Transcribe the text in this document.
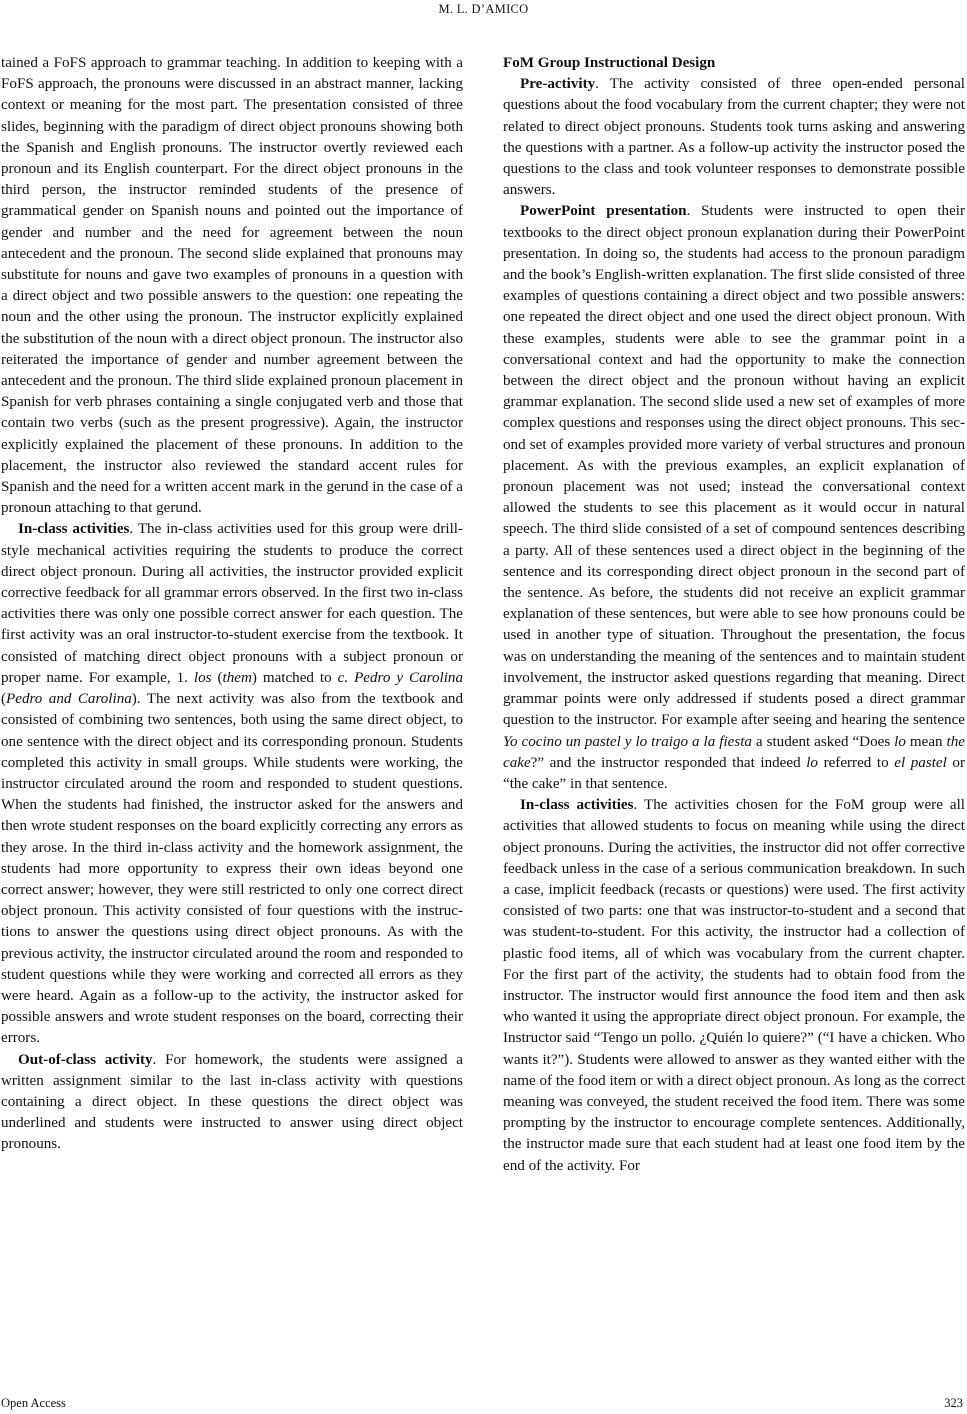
M. L. D’AMICO

tained a FoFS approach to grammar teaching. In addition to keeping with a FoFS approach, the pronouns were discussed in an abstract manner, lacking context or meaning for the most part. The presentation consisted of three slides, beginning with the paradigm of direct object pronouns showing both the Spanish and English pronouns. The instructor overtly reviewed each pronoun and its English counterpart. For the direct object pronouns in the third person, the instructor reminded students of the presence of grammatical gender on Spanish nouns and pointed out the importance of gender and number and the need for agreement between the noun antecedent and the pronoun. The second slide explained that pronouns may substitute for nouns and gave two examples of pronouns in a question with a direct object and two possible answers to the question: one repeating the noun and the other using the pronoun. The instructor explicitly explained the substitution of the noun with a direct object pronoun. The instructor also reiterated the importance of gender and number agreement between the antecedent and the pronoun. The third slide explained pronoun placement in Spanish for verb phrases containing a single conjugated verb and those that contain two verbs (such as the present progressive). Again, the instructor explicitly explained the placement of these pronouns. In addition to the placement, the instructor also reviewed the standard accent rules for Spanish and the need for a written accent mark in the gerund in the case of a pronoun attaching to that gerund.

In-class activities. The in-class activities used for this group were drill-style mechanical activities requiring the students to produce the correct direct object pronoun. During all activities, the instructor provided explicit corrective feedback for all grammar errors observed. In the first two in-class activities there was only one possible correct answer for each question. The first activity was an oral instructor-to-student exercise from the textbook. It consisted of matching direct object pronouns with a subject pronoun or proper name. For example, 1. los (them) matched to c. Pedro y Carolina (Pedro and Carolina). The next activity was also from the textbook and consisted of combining two sentences, both using the same direct object, to one sentence with the direct object and its corresponding pronoun. Students completed this activity in small groups. While students were working, the instructor circulated around the room and responded to student questions. When the students had finished, the instructor asked for the answers and then wrote student responses on the board explicitly correcting any errors as they arose. In the third in-class activity and the homework assignment, the students had more opportunity to express their own ideas beyond one correct answer; however, they were still restricted to only one correct direct object pronoun. This activity consisted of four questions with the instructions to answer the questions using direct object pronouns. As with the previous activity, the instructor circulated around the room and responded to student questions while they were working and corrected all errors as they were heard. Again as a follow-up to the activity, the instructor asked for possible answers and wrote student responses on the board, correcting their errors.

Out-of-class activity. For homework, the students were assigned a written assignment similar to the last in-class activity with questions containing a direct object. In these questions the direct object was underlined and students were instructed to answer using direct object pronouns.

FoM Group Instructional Design

Pre-activity. The activity consisted of three open-ended personal questions about the food vocabulary from the current chapter; they were not related to direct object pronouns. Students took turns asking and answering the questions with a partner. As a follow-up activity the instructor posed the questions to the class and took volunteer responses to demonstrate possible answers.

PowerPoint presentation. Students were instructed to open their textbooks to the direct object pronoun explanation during their PowerPoint presentation. In doing so, the students had access to the pronoun paradigm and the book’s English-written explanation. The first slide consisted of three examples of questions containing a direct object and two possible answers: one repeated the direct object and one used the direct object pronoun. With these examples, students were able to see the grammar point in a conversational context and had the opportunity to make the connection between the direct object and the pronoun without having an explicit grammar explanation. The second slide used a new set of examples of more complex questions and responses using the direct object pronouns. This second set of examples provided more variety of verbal structures and pronoun placement. As with the previous examples, an explicit explanation of pronoun placement was not used; instead the conversational context allowed the students to see this placement as it would occur in natural speech. The third slide consisted of a set of compound sentences describing a party. All of these sentences used a direct object in the beginning of the sentence and its corresponding direct object pronoun in the second part of the sentence. As before, the students did not receive an explicit grammar explanation of these sentences, but were able to see how pronouns could be used in another type of situation. Throughout the presentation, the focus was on understanding the meaning of the sentences and to maintain student involvement, the instructor asked questions regarding that meaning. Direct grammar points were only addressed if students posed a direct grammar question to the instructor. For example after seeing and hearing the sentence Yo cocino un pastel y lo traigo a la fiesta a student asked “Does lo mean the cake?” and the instructor responded that indeed lo referred to el pastel or “the cake” in that sentence.

In-class activities. The activities chosen for the FoM group were all activities that allowed students to focus on meaning while using the direct object pronouns. During the activities, the instructor did not offer corrective feedback unless in the case of a serious communication breakdown. In such a case, implicit feedback (recasts or questions) were used. The first activity consisted of two parts: one that was instructor-to-student and a second that was student-to-student. For this activity, the instructor had a collection of plastic food items, all of which was vocabulary from the current chapter. For the first part of the activity, the students had to obtain food from the instructor. The instructor would first announce the food item and then ask who wanted it using the appropriate direct object pronoun. For example, the Instructor said “Tengo un pollo. ¿Quién lo quiere?” (“I have a chicken. Who wants it?”). Students were allowed to answer as they wanted either with the name of the food item or with a direct object pronoun. As long as the correct meaning was conveyed, the student received the food item. There was some prompting by the instructor to encourage complete sentences. Additionally, the instructor made sure that each student had at least one food item by the end of the activity. For

Open Access	323
